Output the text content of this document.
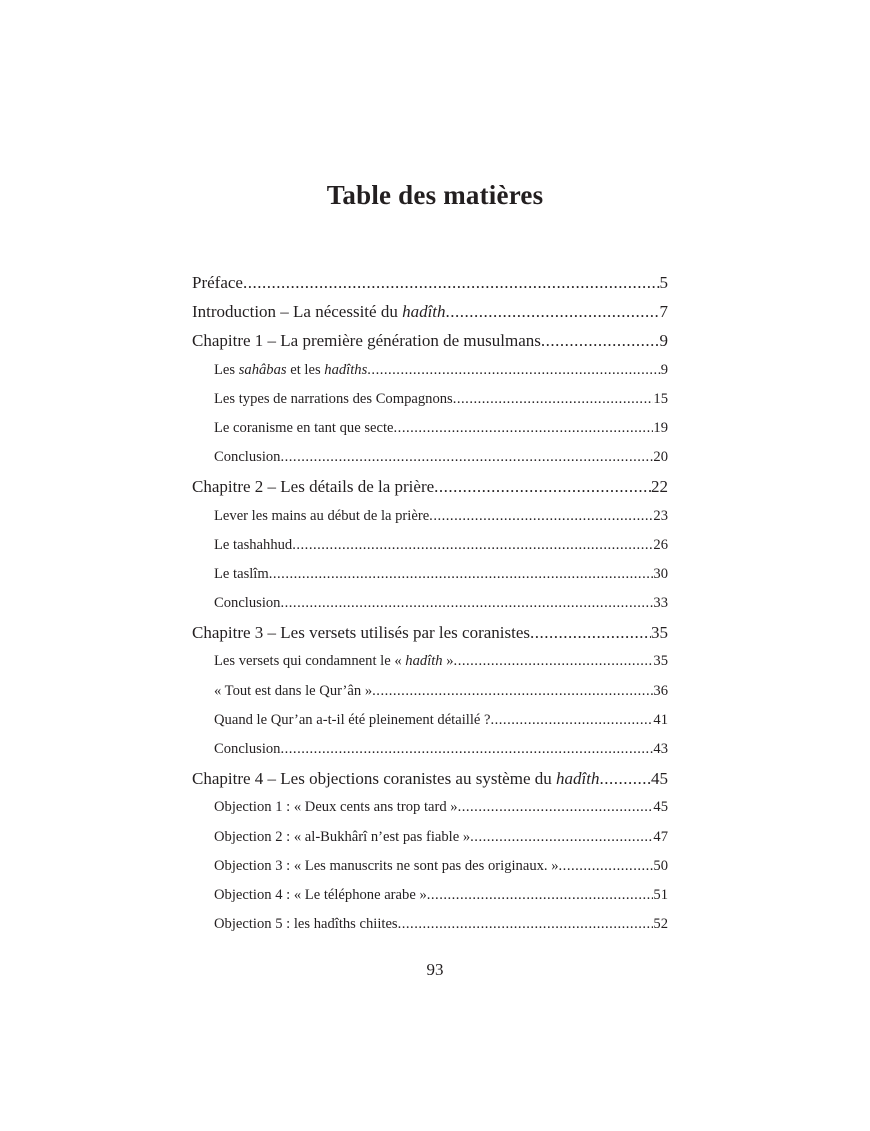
Table des matières
Préface .....	5
Introduction – La nécessité du hadîth .....	7
Chapitre 1 – La première génération de musulmans .....	9
Les sahâbas et les hadîths .....	9
Les types de narrations des Compagnons .....	15
Le coranisme en tant que secte .....	19
Conclusion .....	20
Chapitre 2 – Les détails de la prière .....	22
Lever les mains au début de la prière .....	23
Le tashahhud .....	26
Le taslîm .....	30
Conclusion .....	33
Chapitre 3 – Les versets utilisés par les coranistes .....	35
Les versets qui condamnent le « hadîth » .....	35
« Tout est dans le Qur’ân » .....	36
Quand le Qur’an a-t-il été pleinement détaillé ? .....	41
Conclusion .....	43
Chapitre 4 – Les objections coranistes au système du hadîth .....	45
Objection 1 : « Deux cents ans trop tard » .....	45
Objection 2 : « al-Bukhârî n’est pas fiable » .....	47
Objection 3 : « Les manuscrits ne sont pas des originaux. » .....	50
Objection 4 : « Le téléphone arabe » .....	51
Objection 5 : les hadîths chiites .....	52
93
